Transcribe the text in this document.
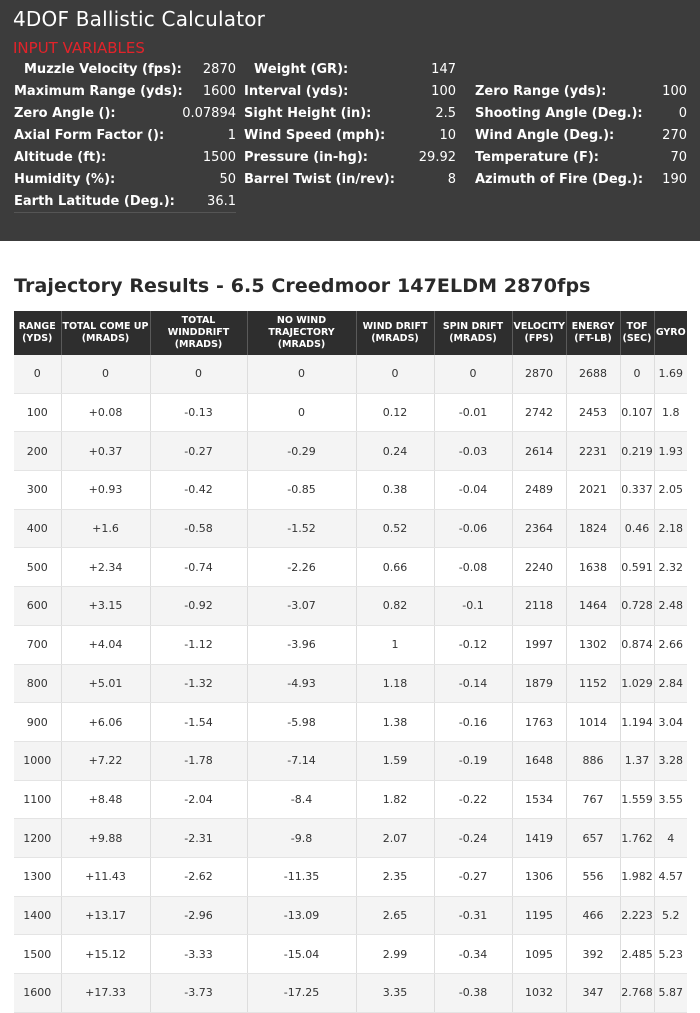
4DOF Ballistic Calculator
INPUT VARIABLES
Muzzle Velocity (fps): 2870 Weight (GR):	147
Maximum Range (yds): 1600 Interval (yds):	100 Zero Range (yds):	100
Zero Angle ():	0.07894 Sight Height (in):	2.5 Shooting Angle (Deg.):	0
Axial Form Factor ():	1 Wind Speed (mph):	10 Wind Angle (Deg.):	270
Altitude (ft):	1500 Pressure (in-hg):	29.92 Temperature (F):	70
Humidity (%):	50 Barrel Twist (in/rev):	8 Azimuth of Fire (Deg.): 190
Earth Latitude (Deg.): 36.1
Trajectory Results - 6.5 Creedmoor 147ELDM 2870fps
RANGE (YDS)	TOTAL COME UP (MRADS)	TOTAL WINDDRIFT (MRADS)	NO WIND TRAJECTORY (MRADS)	WIND DRIFT (MRADS)	SPIN DRIFT (MRADS)	VELOCITY (FPS)	ENERGY (FT-LB)	TOF (SEC)	GYRO
0	0	0	0	0	0	2870	2688	0	1.69
100	+0.08	-0.13	0	0.12	-0.01	2742	2453	0.107	1.8
200	+0.37	-0.27	-0.29	0.24	-0.03	2614	2231	0.219	1.93
300	+0.93	-0.42	-0.85	0.38	-0.04	2489	2021	0.337	2.05
400	+1.6	-0.58	-1.52	0.52	-0.06	2364	1824	0.46	2.18
500	+2.34	-0.74	-2.26	0.66	-0.08	2240	1638	0.591	2.32
600	+3.15	-0.92	-3.07	0.82	-0.1	2118	1464	0.728	2.48
700	+4.04	-1.12	-3.96	1	-0.12	1997	1302	0.874	2.66
800	+5.01	-1.32	-4.93	1.18	-0.14	1879	1152	1.029	2.84
900	+6.06	-1.54	-5.98	1.38	-0.16	1763	1014	1.194	3.04
1000	+7.22	-1.78	-7.14	1.59	-0.19	1648	886	1.37	3.28
1100	+8.48	-2.04	-8.4	1.82	-0.22	1534	767	1.559	3.55
1200	+9.88	-2.31	-9.8	2.07	-0.24	1419	657	1.762	4
1300	+11.43	-2.62	-11.35	2.35	-0.27	1306	556	1.982	4.57
1400	+13.17	-2.96	-13.09	2.65	-0.31	1195	466	2.223	5.2
1500	+15.12	-3.33	-15.04	2.99	-0.34	1095	392	2.485	5.23
1600	+17.33	-3.73	-17.25	3.35	-0.38	1032	347	2.768	5.87
